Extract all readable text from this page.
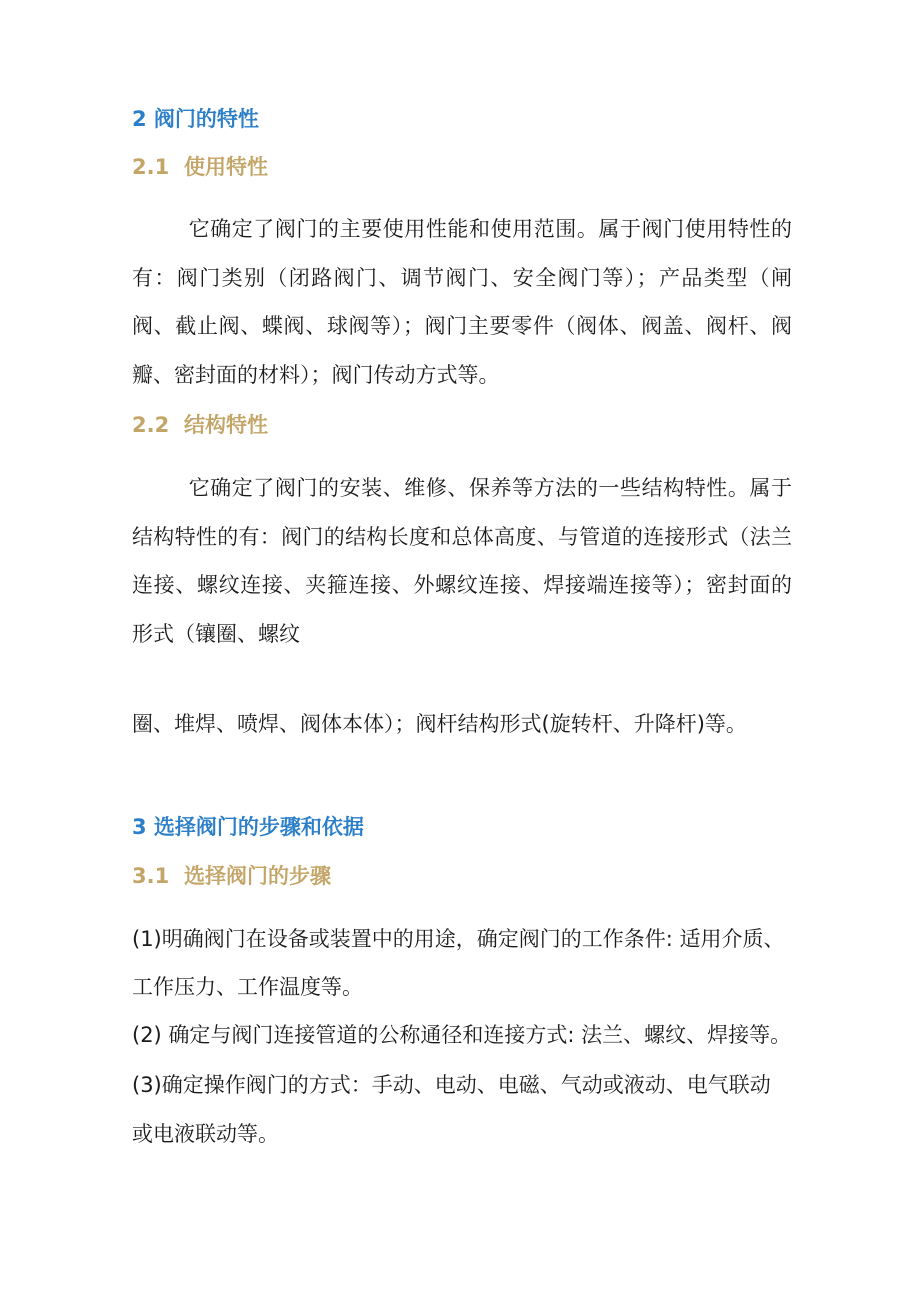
2 阀门的特性
2.1 使用特性

它确定了阀门的主要使用性能和使用范围。属于阀门使用特性的有：阀门类别（闭路阀门、调节阀门、安全阀门等）；产品类型（闸阀、截止阀、蝶阀、球阀等）；阀门主要零件（阀体、阀盖、阀杆、阀瓣、密封面的材料）；阀门传动方式等。

2.2 结构特性

它确定了阀门的安装、维修、保养等方法的一些结构特性。属于结构特性的有：阀门的结构长度和总体高度、与管道的连接形式（法兰连接、螺纹连接、夹箍连接、外螺纹连接、焊接端连接等）；密封面的形式（镶圈、螺纹

圈、堆焊、喷焊、阀体本体）；阀杆结构形式(旋转杆、升降杆)等。

3 选择阀门的步骤和依据
3.1 选择阀门的步骤

(1)明确阀门在设备或装置中的用途，确定阀门的工作条件: 适用介质、

工作压力、工作温度等。

(2) 确定与阀门连接管道的公称通径和连接方式: 法兰、螺纹、焊接等。

(3)确定操作阀门的方式：手动、电动、电磁、气动或液动、电气联动

或电液联动等。
